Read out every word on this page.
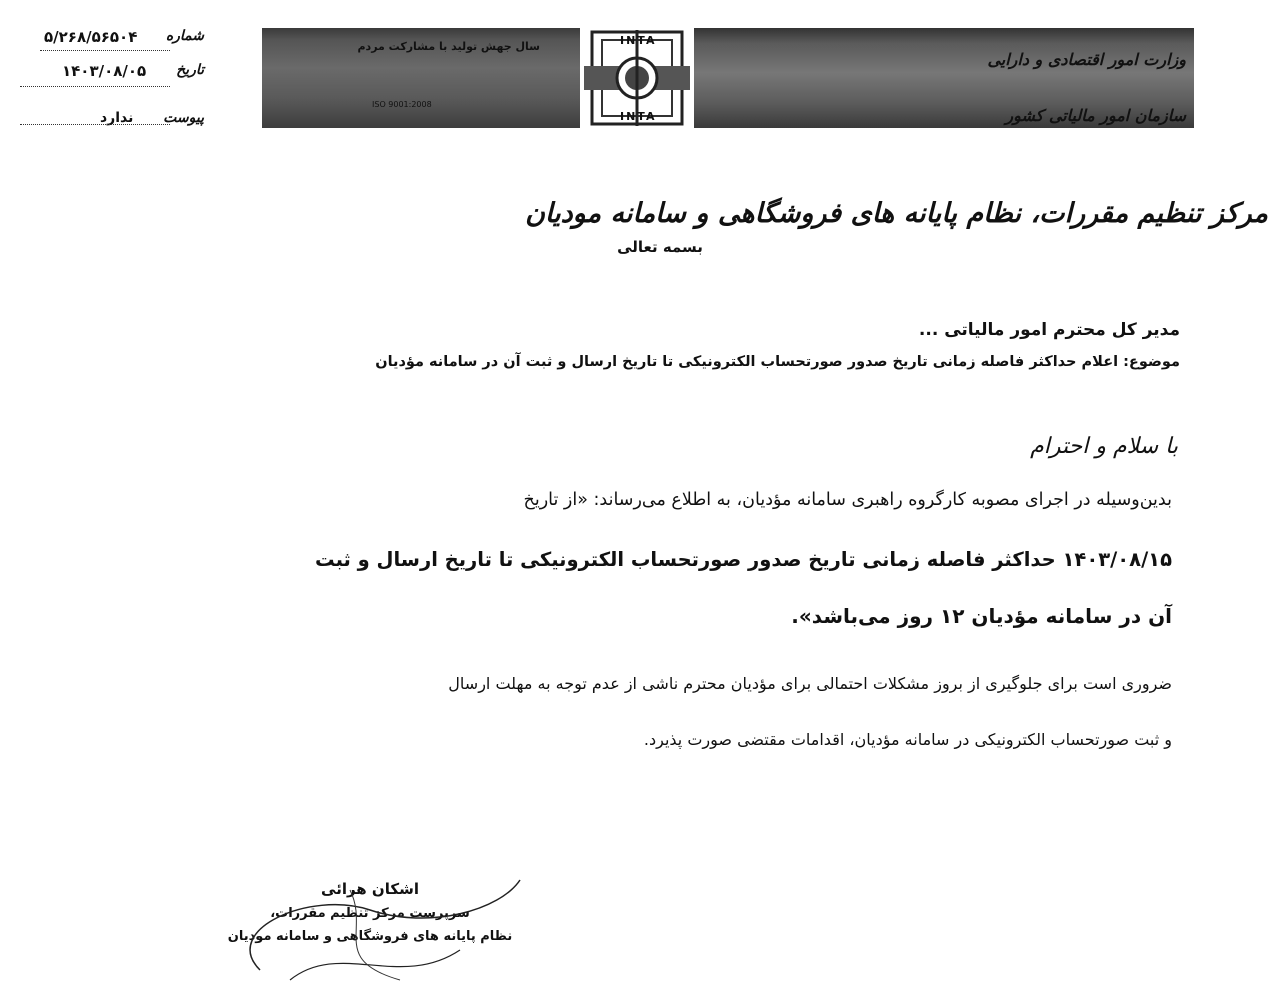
شماره
۵/۲۶۸/۵۶۵۰۴
تاریخ
۱۴۰۳/۰۸/۰۵
پیوست
ندارد
سال جهش تولید با مشارکت مردم
ISO 9001:2008
INTA
INTA
وزارت امور اقتصادی و دارایی
سازمان امور مالیاتی کشور
مرکز تنظیم مقررات، نظام پایانه های فروشگاهی و سامانه مودیان
بسمه تعالی
مدیر کل محترم امور مالیاتی ...
موضوع: اعلام حداکثر فاصله زمانی تاریخ صدور صورتحساب الکترونیکی تا تاریخ ارسال و ثبت آن در سامانه مؤدیان
با سلام و احترام
بدین‌وسیله در اجرای مصوبه کارگروه راهبری سامانه مؤدیان، به اطلاع می‌رساند: «از تاریخ
۱۴۰۳/۰۸/۱۵ حداکثر فاصله زمانی تاریخ صدور صورتحساب الکترونیکی تا تاریخ ارسال و ثبت
آن در سامانه مؤدیان ۱۲ روز می‌باشد».
ضروری است برای جلوگیری از بروز مشکلات احتمالی برای مؤدیان محترم ناشی از عدم توجه به مهلت ارسال
و ثبت صورتحساب الکترونیکی در سامانه مؤدیان، اقدامات مقتضی صورت پذیرد.
اشکان هرائی
سرپرست مرکز تنظیم مقررات،
نظام پایانه های فروشگاهی و سامانه مودیان
